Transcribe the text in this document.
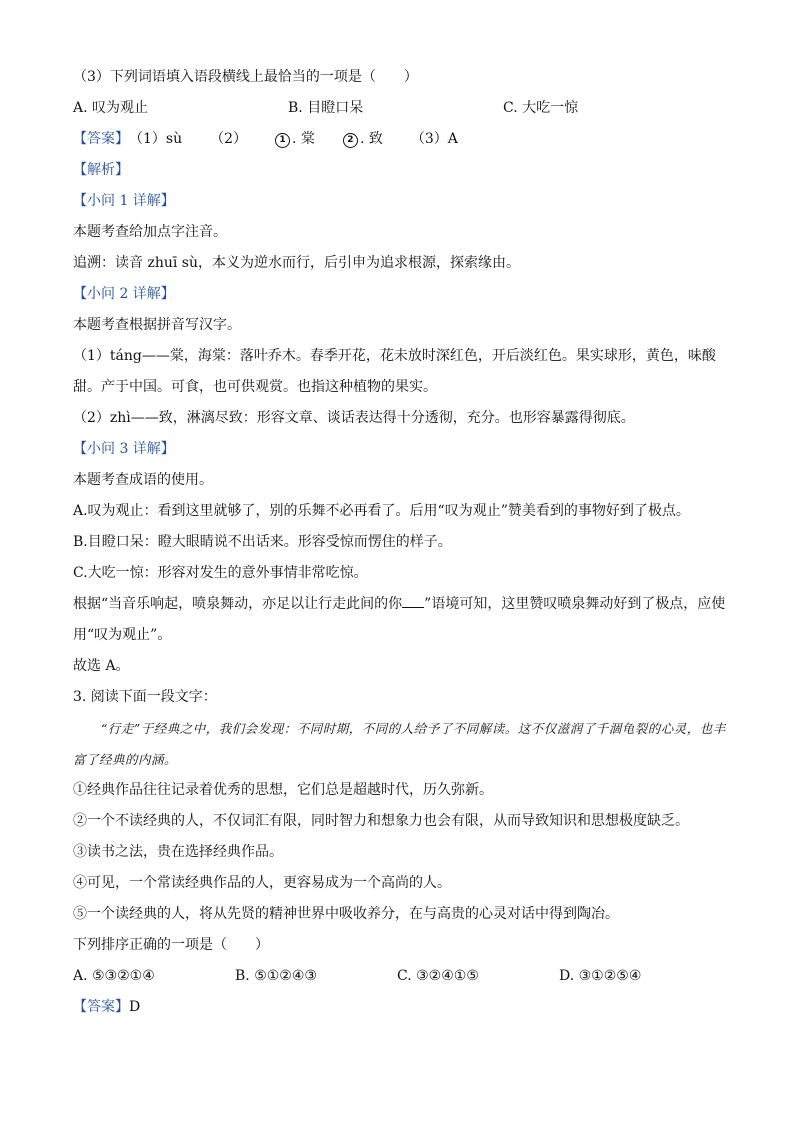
（3）下列词语填入语段横线上最恰当的一项是（　　）
A. 叹为观止	B. 目瞪口呆	C. 大吃一惊
【答案】（1）sù （2）	1 . 棠	2 . 致 （3）A
【解析】
【小问 1 详解】
本题考查给加点字注音。
追溯：读音 zhuī sù，本义为逆水而行，后引申为追求根源，探索缘由。
【小问 2 详解】
本题考查根据拼音写汉字。
（1）táng——棠，海棠：落叶乔木。春季开花，花未放时深红色，开后淡红色。果实球形，黄色，味酸甜。产于中国。可食，也可供观赏。也指这种植物的果实。
（2）zhì——致，淋漓尽致：形容文章、谈话表达得十分透彻，充分。也形容暴露得彻底。
【小问 3 详解】
本题考查成语的使用。
A.叹为观止：看到这里就够了，别的乐舞不必再看了。后用“叹为观止”赞美看到的事物好到了极点。
B.目瞪口呆：瞪大眼睛说不出话来。形容受惊而愣住的样子。
C.大吃一惊：形容对发生的意外事情非常吃惊。
根据“当音乐响起，喷泉舞动，亦足以让行走此间的你 ”语境可知，这里赞叹喷泉舞动好到了极点，应使用“叹为观止”。
故选 A。
3. 阅读下面一段文字：
“行走”于经典之中，我们会发现：不同时期，不同的人给予了不同解读。这不仅滋润了千涸龟裂的心灵，也丰富了经典的内涵。
①经典作品往往记录着优秀的思想，它们总是超越时代，历久弥新。
②一个不读经典的人，不仅词汇有限，同时智力和想象力也会有限，从而导致知识和思想极度缺乏。
③读书之法，贵在选择经典作品。
④可见，一个常读经典作品的人，更容易成为一个高尚的人。
⑤一个读经典的人，将从先贤的精神世界中吸收养分，在与高贵的心灵对话中得到陶冶。
下列排序正确的一项是（　　）
A. ⑤③②①④	B. ⑤①②④③	C. ③②④①⑤	D. ③①②⑤④
【答案】D
